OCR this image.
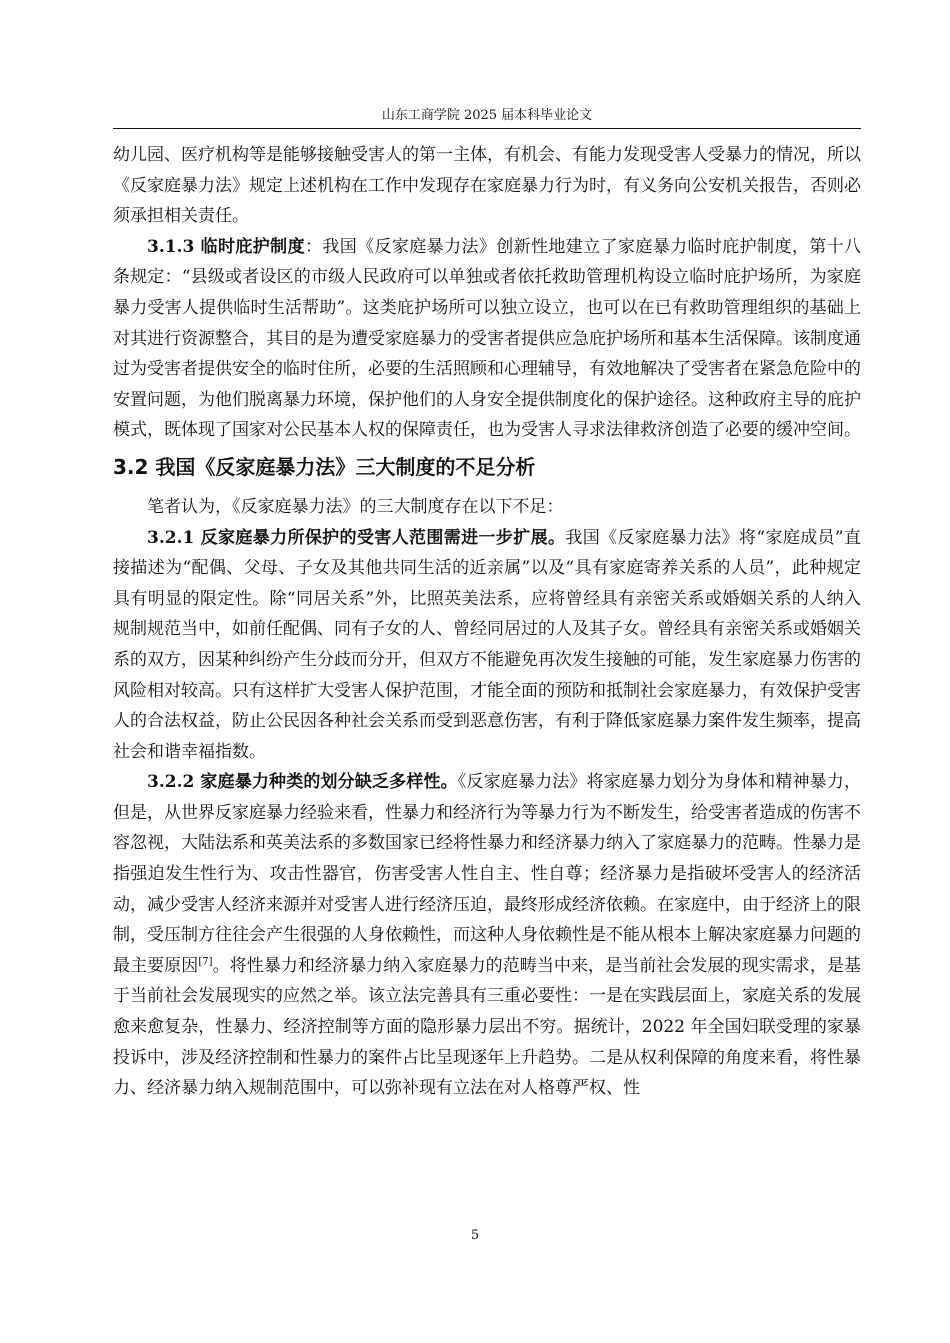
山东工商学院 2025 届本科毕业论文

幼儿园、医疗机构等是能够接触受害人的第一主体，有机会、有能力发现受害人受暴力的情况，所以《反家庭暴力法》规定上述机构在工作中发现存在家庭暴力行为时，有义务向公安机关报告，否则必须承担相关责任。

3.1.3 临时庇护制度：我国《反家庭暴力法》创新性地建立了家庭暴力临时庇护制度，第十八条规定：“县级或者设区的市级人民政府可以单独或者依托救助管理机构设立临时庇护场所，为家庭暴力受害人提供临时生活帮助”。这类庇护场所可以独立设立，也可以在已有救助管理组织的基础上对其进行资源整合，其目的是为遭受家庭暴力的受害者提供应急庇护场所和基本生活保障。该制度通过为受害者提供安全的临时住所，必要的生活照顾和心理辅导，有效地解决了受害者在紧急危险中的安置问题，为他们脱离暴力环境，保护他们的人身安全提供制度化的保护途径。这种政府主导的庇护模式，既体现了国家对公民基本人权的保障责任，也为受害人寻求法律救济创造了必要的缓冲空间。

3.2 我国《反家庭暴力法》三大制度的不足分析

笔者认为，《反家庭暴力法》的三大制度存在以下不足：

3.2.1 反家庭暴力所保护的受害人范围需进一步扩展。我国《反家庭暴力法》将“家庭成员”直接描述为“配偶、父母、子女及其他共同生活的近亲属”以及“具有家庭寄养关系的人员”，此种规定具有明显的限定性。除“同居关系”外，比照英美法系，应将曾经具有亲密关系或婚姻关系的人纳入规制规范当中，如前任配偶、同有子女的人、曾经同居过的人及其子女。曾经具有亲密关系或婚姻关系的双方，因某种纠纷产生分歧而分开，但双方不能避免再次发生接触的可能，发生家庭暴力伤害的风险相对较高。只有这样扩大受害人保护范围，才能全面的预防和抵制社会家庭暴力，有效保护受害人的合法权益，防止公民因各种社会关系而受到恶意伤害，有利于降低家庭暴力案件发生频率，提高社会和谐幸福指数。

3.2.2 家庭暴力种类的划分缺乏多样性。《反家庭暴力法》将家庭暴力划分为身体和精神暴力，但是，从世界反家庭暴力经验来看，性暴力和经济行为等暴力行为不断发生，给受害者造成的伤害不容忽视，大陆法系和英美法系的多数国家已经将性暴力和经济暴力纳入了家庭暴力的范畴。性暴力是指强迫发生性行为、攻击性器官，伤害受害人性自主、性自尊；经济暴力是指破坏受害人的经济活动，减少受害人经济来源并对受害人进行经济压迫，最终形成经济依赖。在家庭中，由于经济上的限制，受压制方往往会产生很强的人身依赖性，而这种人身依赖性是不能从根本上解决家庭暴力问题的最主要原因[7]。将性暴力和经济暴力纳入家庭暴力的范畴当中来，是当前社会发展的现实需求，是基于当前社会发展现实的应然之举。该立法完善具有三重必要性：一是在实践层面上，家庭关系的发展愈来愈复杂，性暴力、经济控制等方面的隐形暴力层出不穷。据统计，2022 年全国妇联受理的家暴投诉中，涉及经济控制和性暴力的案件占比呈现逐年上升趋势。二是从权利保障的角度来看，将性暴力、经济暴力纳入规制范围中，可以弥补现有立法在对人格尊严权、性

5
